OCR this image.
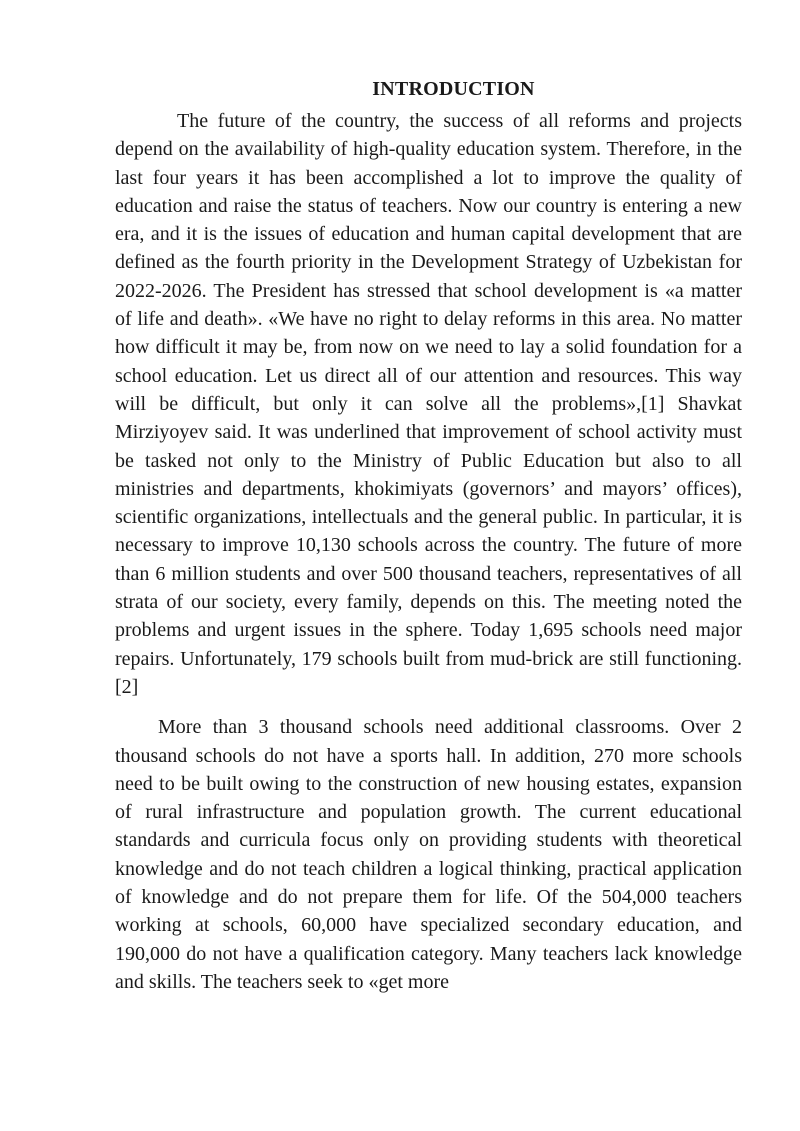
INTRODUCTION

The future of the country, the success of all reforms and projects depend on the availability of high-quality education system. Therefore, in the last four years it has been accomplished a lot to improve the quality of education and raise the status of teachers. Now our country is entering a new era, and it is the issues of education and human capital development that are defined as the fourth priority in the Development Strategy of Uzbekistan for 2022-2026. The President has stressed that school development is «a matter of life and death». «We have no right to delay reforms in this area. No matter how difficult it may be, from now on we need to lay a solid foundation for a school education. Let us direct all of our attention and resources. This way will be difficult, but only it can solve all the problems»,[1] Shavkat Mirziyoyev said. It was underlined that improvement of school activity must be tasked not only to the Ministry of Public Education but also to all ministries and departments, khokimiyats (governors’ and mayors’ offices), scientific organizations, intellectuals and the general public. In particular, it is necessary to improve 10,130 schools across the country. The future of more than 6 million students and over 500 thousand teachers, representatives of all strata of our society, every family, depends on this. The meeting noted the problems and urgent issues in the sphere. Today 1,695 schools need major repairs. Unfortunately, 179 schools built from mud-brick are still functioning.[2]

More than 3 thousand schools need additional classrooms. Over 2 thousand schools do not have a sports hall. In addition, 270 more schools need to be built owing to the construction of new housing estates, expansion of rural infrastructure and population growth. The current educational standards and curricula focus only on providing students with theoretical knowledge and do not teach children a logical thinking, practical application of knowledge and do not prepare them for life. Of the 504,000 teachers working at schools, 60,000 have specialized secondary education, and 190,000 do not have a qualification category. Many teachers lack knowledge and skills. The teachers seek to «get more
